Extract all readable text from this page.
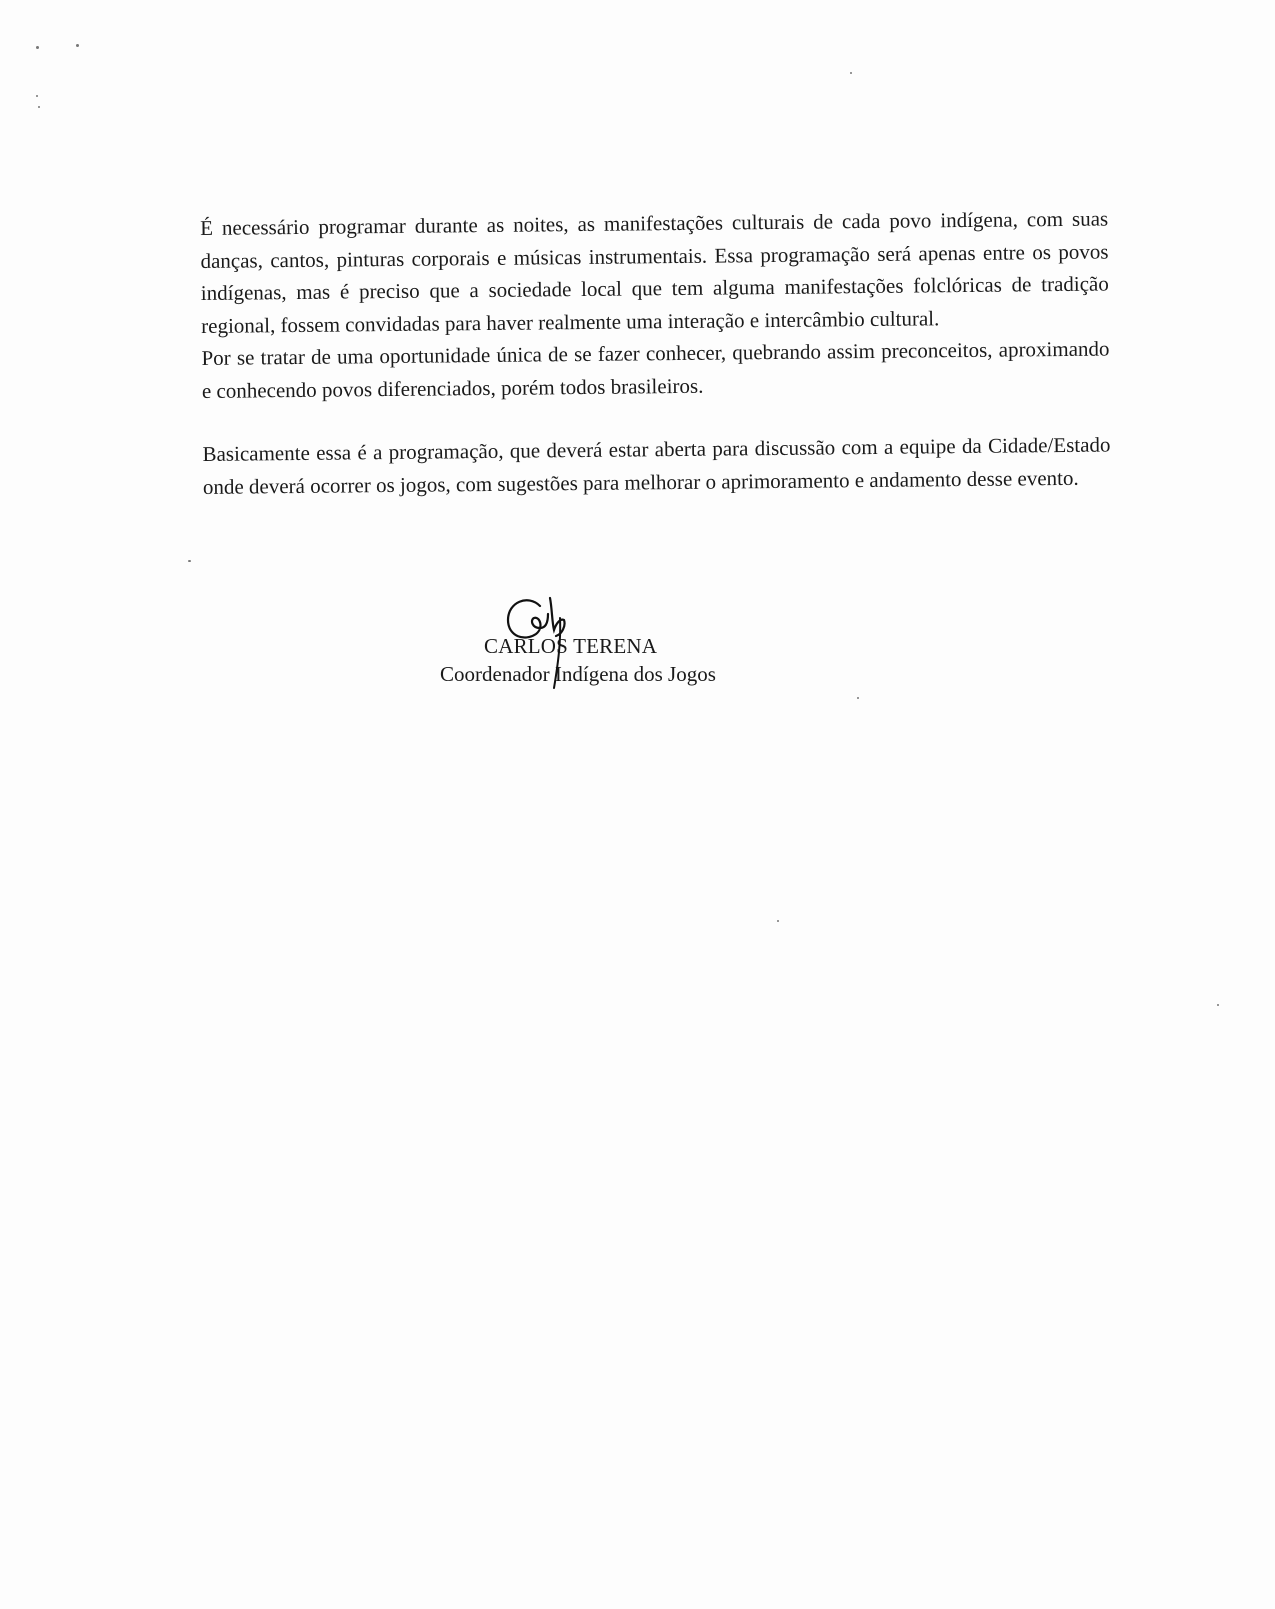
É necessário programar durante as noites, as manifestações culturais de cada povo indígena, com suas danças, cantos, pinturas corporais e músicas instrumentais. Essa programação será apenas entre os povos indígenas, mas é preciso que a sociedade local que tem alguma manifestações folclóricas de tradição regional, fossem convidadas para haver realmente uma interação e intercâmbio cultural.

Por se tratar de uma oportunidade única de se fazer conhecer, quebrando assim preconceitos, aproximando e conhecendo povos diferenciados, porém todos brasileiros.

Basicamente essa é a programação, que deverá estar aberta para discussão com a equipe da Cidade/Estado onde deverá ocorrer os jogos, com sugestões para melhorar o aprimoramento e andamento desse evento.

CARLOS TERENA
Coordenador Indígena dos Jogos
